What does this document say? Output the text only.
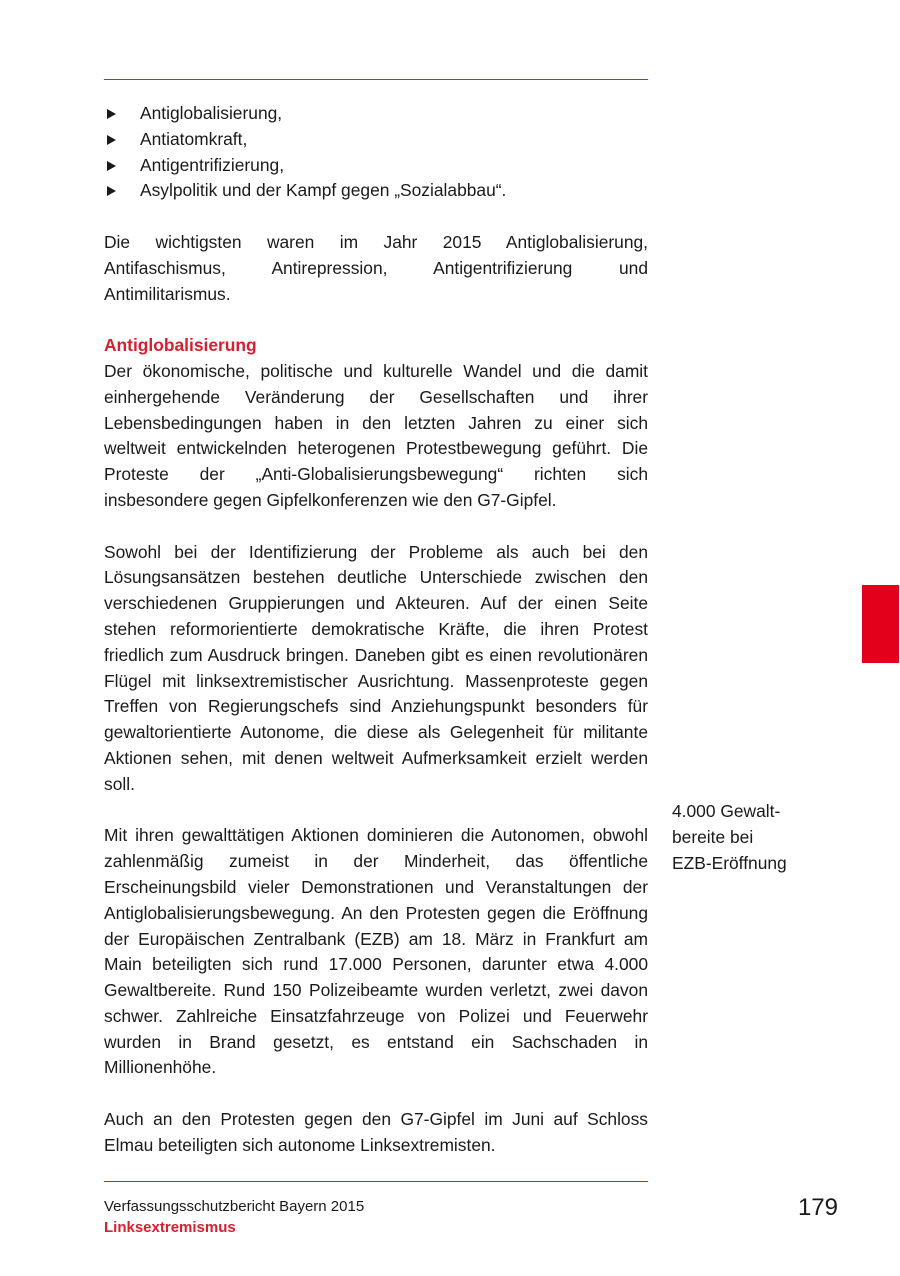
Antiglobalisierung,
Antiatomkraft,
Antigentrifizierung,
Asylpolitik und der Kampf gegen „Sozialabbau“.

Die wichtigsten waren im Jahr 2015 Antiglobalisierung, Antifaschismus, Antirepression, Antigentrifizierung und Antimilitarismus.

Antiglobalisierung

Der ökonomische, politische und kulturelle Wandel und die damit einhergehende Veränderung der Gesellschaften und ihrer Lebensbedingungen haben in den letzten Jahren zu einer sich weltweit entwickelnden heterogenen Protestbewegung geführt. Die Proteste der „Anti-Globalisierungsbewegung“ richten sich insbesondere gegen Gipfelkonferenzen wie den G7-Gipfel.

Sowohl bei der Identifizierung der Probleme als auch bei den Lösungsansätzen bestehen deutliche Unterschiede zwischen den verschiedenen Gruppierungen und Akteuren. Auf der einen Seite stehen reformorientierte demokratische Kräfte, die ihren Protest friedlich zum Ausdruck bringen. Daneben gibt es einen revolutionären Flügel mit linksextremistischer Ausrichtung. Massenproteste gegen Treffen von Regierungschefs sind Anziehungspunkt besonders für gewaltorientierte Autonome, die diese als Gelegenheit für militante Aktionen sehen, mit denen weltweit Aufmerksamkeit erzielt werden soll.

Mit ihren gewalttätigen Aktionen dominieren die Autonomen, obwohl zahlenmäßig zumeist in der Minderheit, das öffentliche Erscheinungsbild vieler Demonstrationen und Veranstaltungen der Antiglobalisierungsbewegung. An den Protesten gegen die Eröffnung der Europäischen Zentralbank (EZB) am 18. März in Frankfurt am Main beteiligten sich rund 17.000 Personen, darunter etwa 4.000 Gewaltbereite. Rund 150 Polizeibeamte wurden verletzt, zwei davon schwer. Zahlreiche Einsatzfahrzeuge von Polizei und Feuerwehr wurden in Brand gesetzt, es entstand ein Sachschaden in Millionenhöhe.

Auch an den Protesten gegen den G7-Gipfel im Juni auf Schloss Elmau beteiligten sich autonome Linksextremisten.

4.000 Gewalt-
bereite bei
EZB-Eröffnung
Verfassungsschutzbericht Bayern 2015
Linksextremismus
179
